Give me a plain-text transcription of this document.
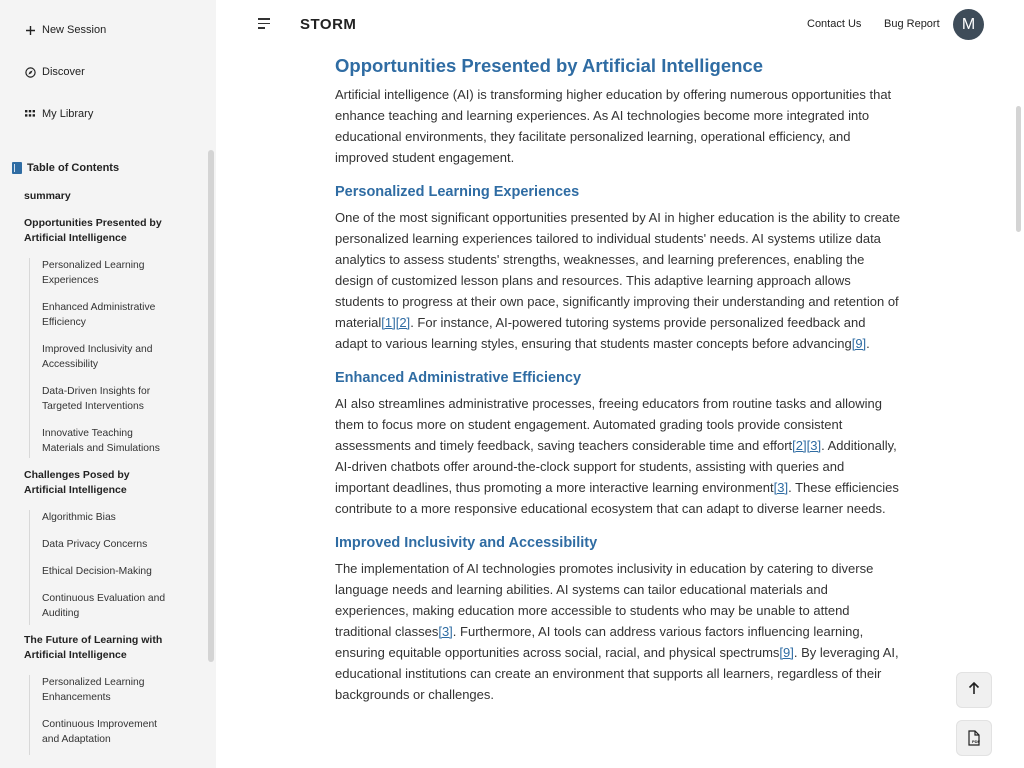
New Session
Discover
My Library
Table of Contents
summary
Opportunities Presented by Artificial Intelligence
Personalized Learning Experiences
Enhanced Administrative Efficiency
Improved Inclusivity and Accessibility
Data-Driven Insights for Targeted Interventions
Innovative Teaching Materials and Simulations
Challenges Posed by Artificial Intelligence
Algorithmic Bias
Data Privacy Concerns
Ethical Decision-Making
Continuous Evaluation and Auditing
The Future of Learning with Artificial Intelligence
Personalized Learning Enhancements
Continuous Improvement and Adaptation
STORM	Contact Us Bug Report	M
Opportunities Presented by Artificial Intelligence
Artificial intelligence (AI) is transforming higher education by offering numerous opportunities that enhance teaching and learning experiences. As AI technologies become more integrated into educational environments, they facilitate personalized learning, operational efficiency, and improved student engagement.
Personalized Learning Experiences
One of the most significant opportunities presented by AI in higher education is the ability to create personalized learning experiences tailored to individual students' needs. AI systems utilize data analytics to assess students' strengths, weaknesses, and learning preferences, enabling the design of customized lesson plans and resources. This adaptive learning approach allows students to progress at their own pace, significantly improving their understanding and retention of material[1][2]. For instance, AI-powered tutoring systems provide personalized feedback and adapt to various learning styles, ensuring that students master concepts before advancing[9].
Enhanced Administrative Efficiency
AI also streamlines administrative processes, freeing educators from routine tasks and allowing them to focus more on student engagement. Automated grading tools provide consistent assessments and timely feedback, saving teachers considerable time and effort[2][3]. Additionally, AI-driven chatbots offer around-the-clock support for students, assisting with queries and important deadlines, thus promoting a more interactive learning environment[3]. These efficiencies contribute to a more responsive educational ecosystem that can adapt to diverse learner needs.
Improved Inclusivity and Accessibility
The implementation of AI technologies promotes inclusivity in education by catering to diverse language needs and learning abilities. AI systems can tailor educational materials and experiences, making education more accessible to students who may be unable to attend traditional classes[3]. Furthermore, AI tools can address various factors influencing learning, ensuring equitable opportunities across social, racial, and physical spectrums[9]. By leveraging AI, educational institutions can create an environment that supports all learners, regardless of their backgrounds or challenges.
PDF
